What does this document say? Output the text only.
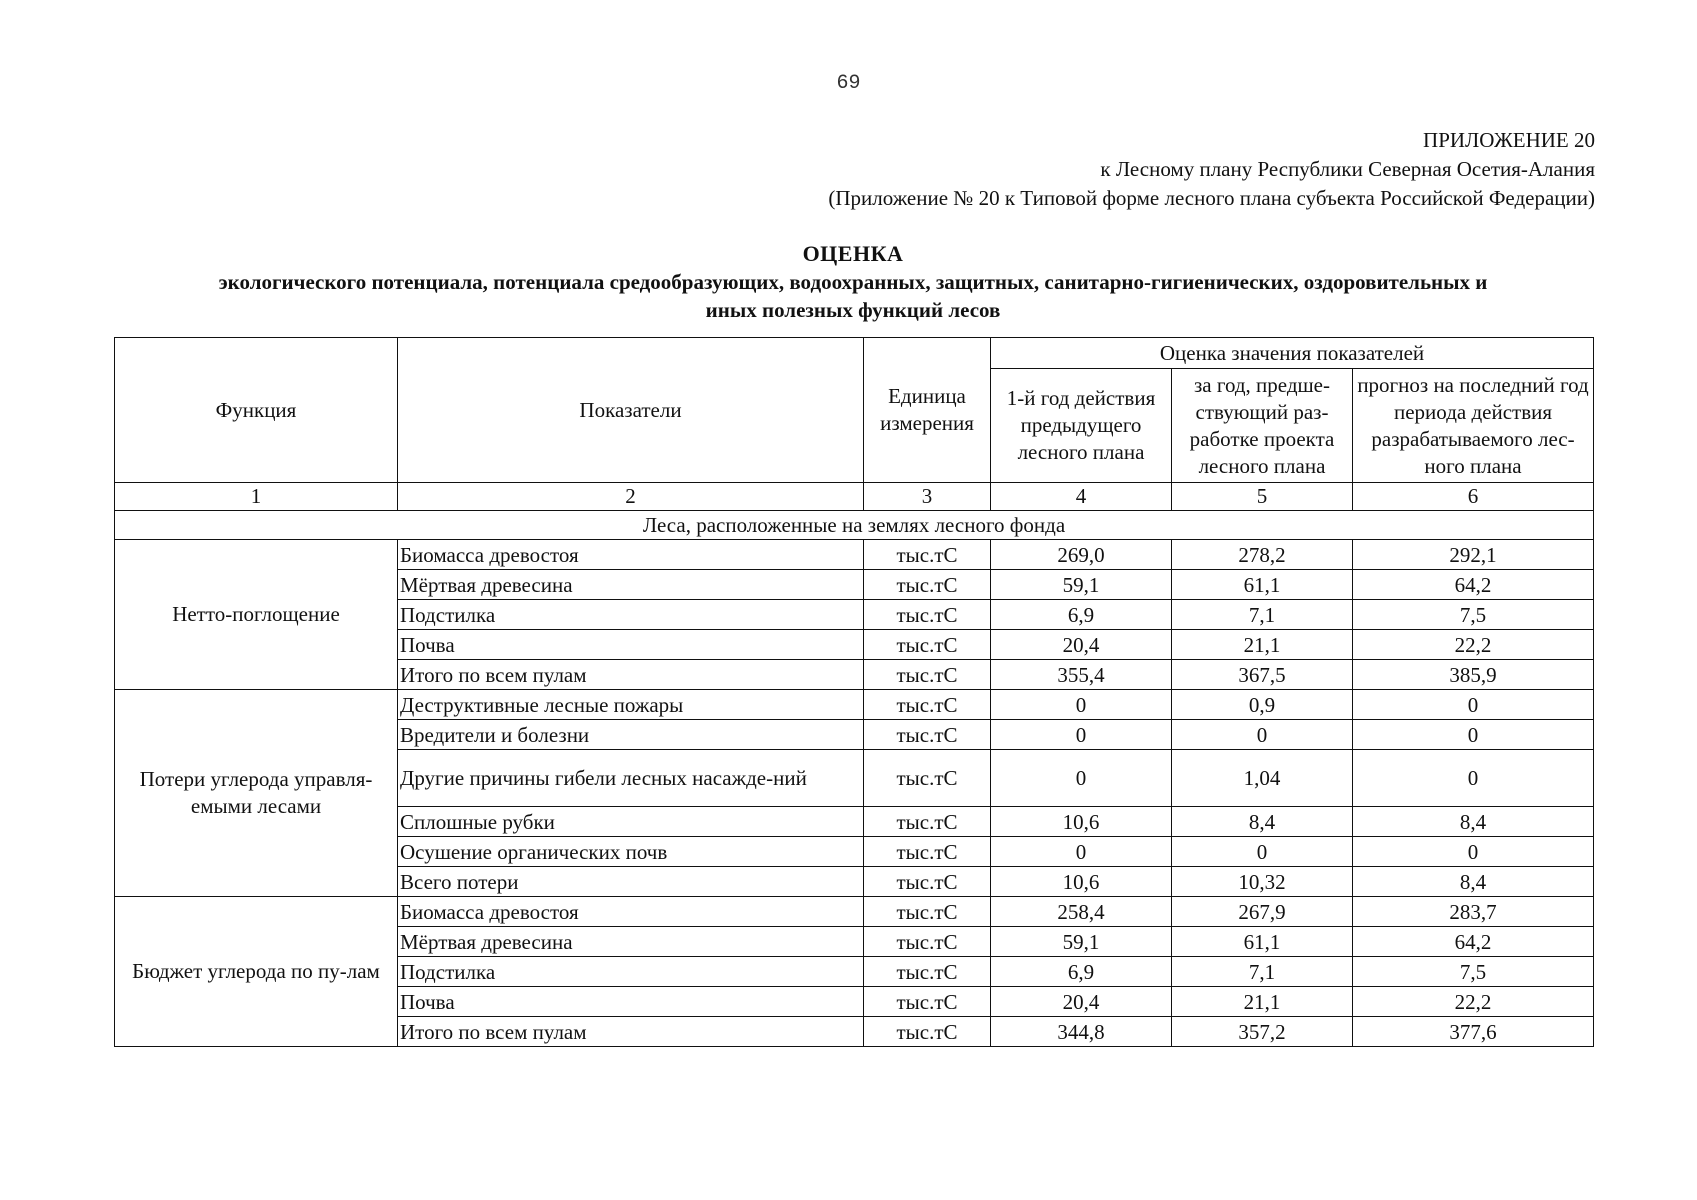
69
ПРИЛОЖЕНИЕ 20
к Лесному плану Республики Северная Осетия-Алания
(Приложение № 20 к Типовой форме лесного плана субъекта Российской Федерации)
ОЦЕНКА
экологического потенциала, потенциала средообразующих, водоохранных, защитных, санитарно-гигиенических, оздоровительных и
иных полезных функций лесов
Функция	Показатели	Единица измерения	Оценка значения показателей		
			1-й год действия предыдущего лесного плана	за год, предше-ствующий раз-работке проекта лесного плана	прогноз на последний год периода действия разрабатываемого лес-ного плана
1	2	3	4	5	6
Леса, расположенные на землях лесного фонда					
Нетто-поглощение	Биомасса древостоя	тыс.тС	269,0	278,2	292,1
	Мёртвая древесина	тыс.тС	59,1	61,1	64,2
	Подстилка	тыс.тС	6,9	7,1	7,5
	Почва	тыс.тС	20,4	21,1	22,2
	Итого по всем пулам	тыс.тС	355,4	367,5	385,9
Потери углерода управля-емыми лесами	Деструктивные лесные пожары	тыс.тС	0	0,9	0
	Вредители и болезни	тыс.тС	0	0	0
	Другие причины гибели лесных насажде-ний	тыс.тС	0	1,04	0
	Сплошные рубки	тыс.тС	10,6	8,4	8,4
	Осушение органических почв	тыс.тС	0	0	0
	Всего потери	тыс.тС	10,6	10,32	8,4
Бюджет углерода по пу-лам	Биомасса древостоя	тыс.тС	258,4	267,9	283,7
	Мёртвая древесина	тыс.тС	59,1	61,1	64,2
	Подстилка	тыс.тС	6,9	7,1	7,5
	Почва	тыс.тС	20,4	21,1	22,2
	Итого по всем пулам	тыс.тС	344,8	357,2	377,6
